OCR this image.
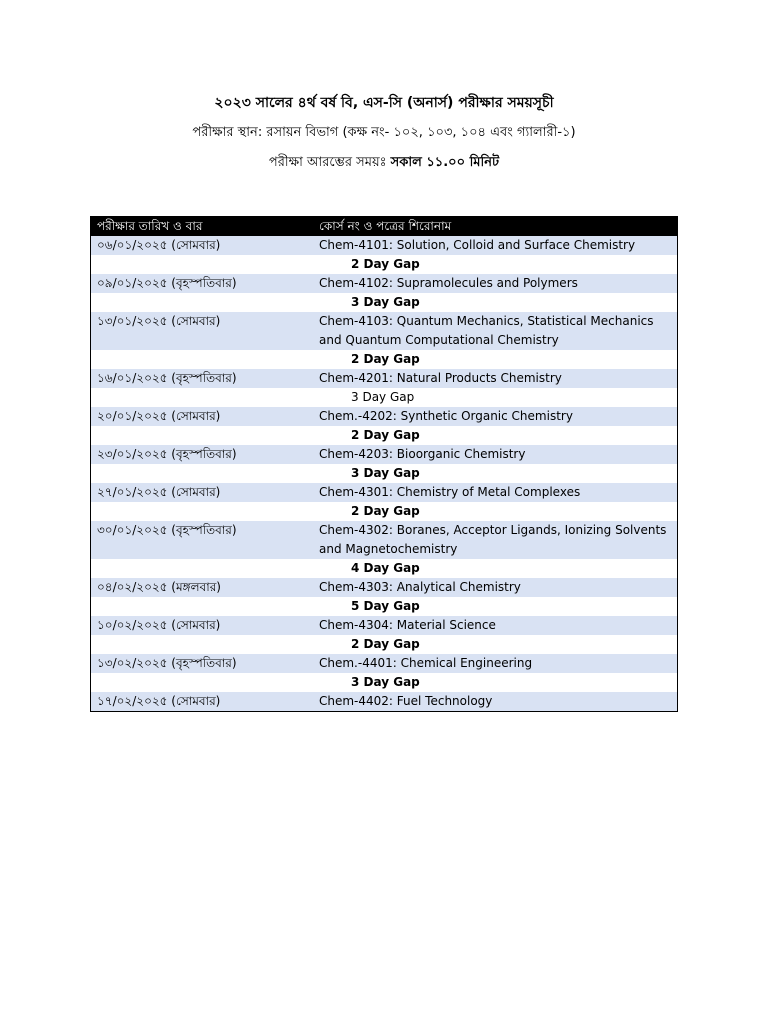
২০২৩ সালের ৪র্থ বর্ষ বি, এস-সি (অনার্স) পরীক্ষার সময়সূচী
পরীক্ষার স্থান: রসায়ন বিভাগ (কক্ষ নং- ১০২, ১০৩, ১০৪ এবং গ্যালারী-১)
পরীক্ষা আরম্ভের সময়ঃ সকাল ১১.০০ মিনিট
পরীক্ষার তারিখ ও বার	কোর্স নং ও পত্রের শিরোনাম
০৬/০১/২০২৫ (সোমবার)	Chem-4101: Solution, Colloid and Surface Chemistry
2 Day Gap
০৯/০১/২০২৫ (বৃহস্পতিবার)	Chem-4102: Supramolecules and Polymers
3 Day Gap
১৩/০১/২০২৫ (সোমবার)	Chem-4103: Quantum Mechanics, Statistical Mechanics and Quantum Computational Chemistry
2 Day Gap
১৬/০১/২০২৫ (বৃহস্পতিবার)	Chem-4201: Natural Products Chemistry
3 Day Gap
২০/০১/২০২৫ (সোমবার)	Chem.-4202: Synthetic Organic Chemistry
2 Day Gap
২৩/০১/২০২৫ (বৃহস্পতিবার)	Chem-4203: Bioorganic Chemistry
3 Day Gap
২৭/০১/২০২৫ (সোমবার)	Chem-4301: Chemistry of Metal Complexes
2 Day Gap
৩০/০১/২০২৫ (বৃহস্পতিবার)	Chem-4302: Boranes, Acceptor Ligands, Ionizing Solvents and Magnetochemistry
4 Day Gap
০৪/০২/২০২৫ (মঙ্গলবার)	Chem-4303: Analytical Chemistry
5 Day Gap
১০/০২/২০২৫ (সোমবার)	Chem-4304: Material Science
2 Day Gap
১৩/০২/২০২৫ (বৃহস্পতিবার)	Chem.-4401: Chemical Engineering
3 Day Gap
১৭/০২/২০২৫ (সোমবার)	Chem-4402: Fuel Technology
